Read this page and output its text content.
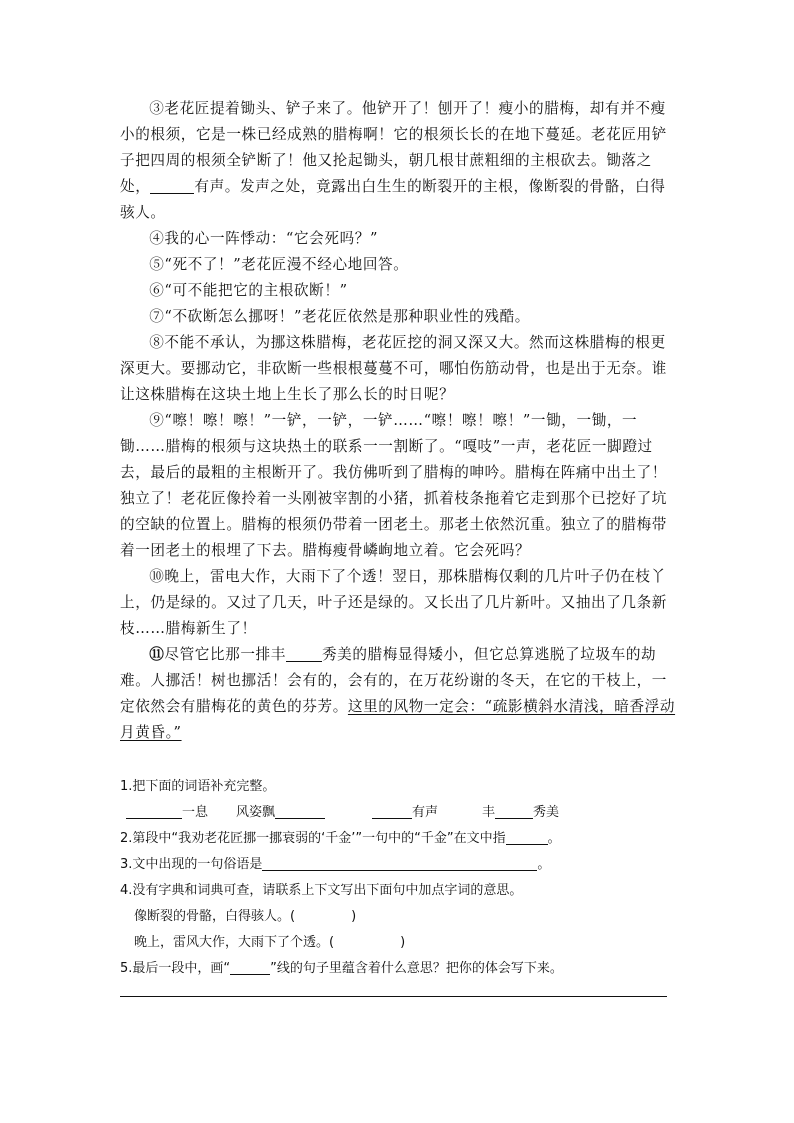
③老花匠提着锄头、铲子来了。他铲开了！刨开了！瘦小的腊梅，却有并不瘦小的根须，它是一株已经成熟的腊梅啊！它的根须长长的在地下蔓延。老花匠用铲子把四周的根须全铲断了！他又抡起锄头，朝几根甘蔗粗细的主根砍去。锄落之处，	有声。发声之处，竟露出白生生的断裂开的主根，像断裂的骨骼，白得骇人。

④我的心一阵悸动：“它会死吗？”

⑤“死不了！”老花匠漫不经心地回答。

⑥“可不能把它的主根砍断！”

⑦“不砍断怎么挪呀！”老花匠依然是那种职业性的残酷。

⑧不能不承认，为挪这株腊梅，老花匠挖的洞又深又大。然而这株腊梅的根更深更大。要挪动它，非砍断一些根根蔓蔓不可，哪怕伤筋动骨，也是出于无奈。谁让这株腊梅在这块土地上生长了那么长的时日呢？

⑨“嚓！嚓！嚓！”一铲，一铲，一铲……“嚓！嚓！嚓！”一锄，一锄，一锄……腊梅的根须与这块热土的联系一一割断了。“嘎吱”一声，老花匠一脚蹬过去，最后的最粗的主根断开了。我仿佛听到了腊梅的呻吟。腊梅在阵痛中出土了！独立了！老花匠像拎着一头刚被宰割的小猪，抓着枝条拖着它走到那个已挖好了坑的空缺的位置上。腊梅的根须仍带着一团老土。那老土依然沉重。独立了的腊梅带着一团老土的根埋了下去。腊梅瘦骨嶙峋地立着。它会死吗？

⑩晚上，雷电大作，大雨下了个透！翌日，那株腊梅仅剩的几片叶子仍在枝丫上，仍是绿的。又过了几天，叶子还是绿的。又长出了几片新叶。又抽出了几条新枝……腊梅新生了！

⑪尽管它比那一排丰 秀美的腊梅显得矮小，但它总算逃脱了垃圾车的劫难。人挪活！树也挪活！会有的，会有的，在万花纷谢的冬天，在它的干枝上，一定依然会有腊梅花的黄色的芬芳。这里的风物一定会：“疏影横斜水清浅，暗香浮动月黄昏。”

1.把下面的词语补充完整。

一息 风姿飘	有声	丰	秀美

2.第段中“我劝老花匠挪一挪衰弱的‘千金’”一句中的“千金”在文中指	。

3.文中出现的一句俗语是	。

4.没有字典和词典可查，请联系上下文写出下面句中加点字词的意思。

像断裂的骨骼，白得骇人。(	)

晚上，雷风大作，大雨下了个透。(	)

5.最后一段中，画“	”线的句子里蕴含着什么意思？把你的体会写下来。
